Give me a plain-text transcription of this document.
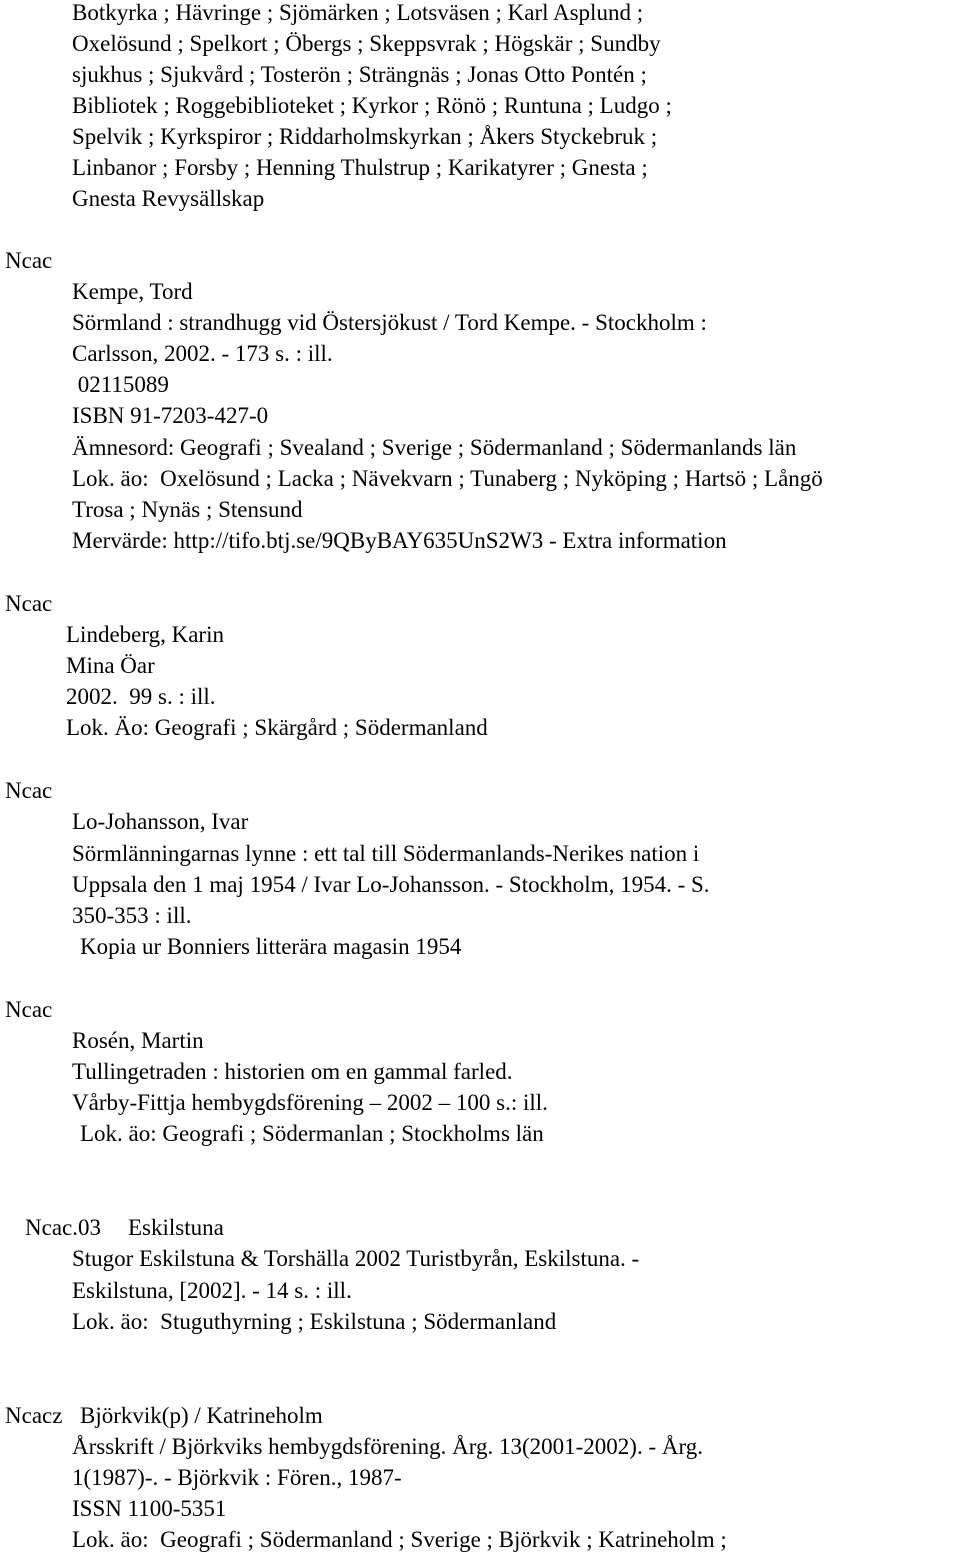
Botkyrka ; Hävringe ; Sjömärken ; Lotsväsen ; Karl Asplund ;
Oxelösund ; Spelkort ; Öbergs ; Skeppsvrak ; Högskär ; Sundby
sjukhus ; Sjukvård ; Tosterön ; Strängnäs ; Jonas Otto Pontén ;
Bibliotek ; Roggebiblioteket ; Kyrkor ; Rönö ; Runtuna ; Ludgo ;
Spelvik ; Kyrkspiror ; Riddarholmskyrkan ; Åkers Styckebruk ;
Linbanor ; Forsby ; Henning Thulstrup ; Karikatyrer ; Gnesta ;
Gnesta Revysällskap
Ncac
Kempe, Tord
Sörmland : strandhugg vid Östersjökust / Tord Kempe. - Stockholm :
Carlsson, 2002. - 173 s. : ill.
02115089
ISBN 91-7203-427-0
Ämnesord: Geografi ; Svealand ; Sverige ; Södermanland ; Södermanlands län
Lok. äo:  Oxelösund ; Lacka ; Nävekvarn ; Tunaberg ; Nyköping ; Hartsö ; Långö
Trosa ; Nynäs ; Stensund
Mervärde: http://tifo.btj.se/9QByBAY635UnS2W3 - Extra information
Ncac
Lindeberg, Karin
Mina Öar
2002.  99 s. : ill.
Lok. Äo: Geografi ; Skärgård ; Södermanland
Ncac
Lo-Johansson, Ivar
Sörmlänningarnas lynne : ett tal till Södermanlands-Nerikes nation i
Uppsala den 1 maj 1954 / Ivar Lo-Johansson. - Stockholm, 1954. - S.
350-353 : ill.
Kopia ur Bonniers litterära magasin 1954
Ncac
Rosén, Martin
Tullingetraden : historien om en gammal farled.
Vårby-Fittja hembygdsförening – 2002 – 100 s.: ill.
Lok. äo: Geografi ; Södermanlan ; Stockholms län
Ncac.03 Eskilstuna
Stugor Eskilstuna & Torshälla 2002 Turistbyrån, Eskilstuna. -
Eskilstuna, [2002]. - 14 s. : ill.
Lok. äo:  Stuguthyrning ; Eskilstuna ; Södermanland
Ncacz Björkvik(p) / Katrineholm
Årsskrift / Björkviks hembygdsförening. Årg. 13(2001-2002). - Årg.
1(1987)-. - Björkvik : Fören., 1987-
ISSN 1100-5351
Lok. äo:  Geografi ; Södermanland ; Sverige ; Björkvik ; Katrineholm ;
